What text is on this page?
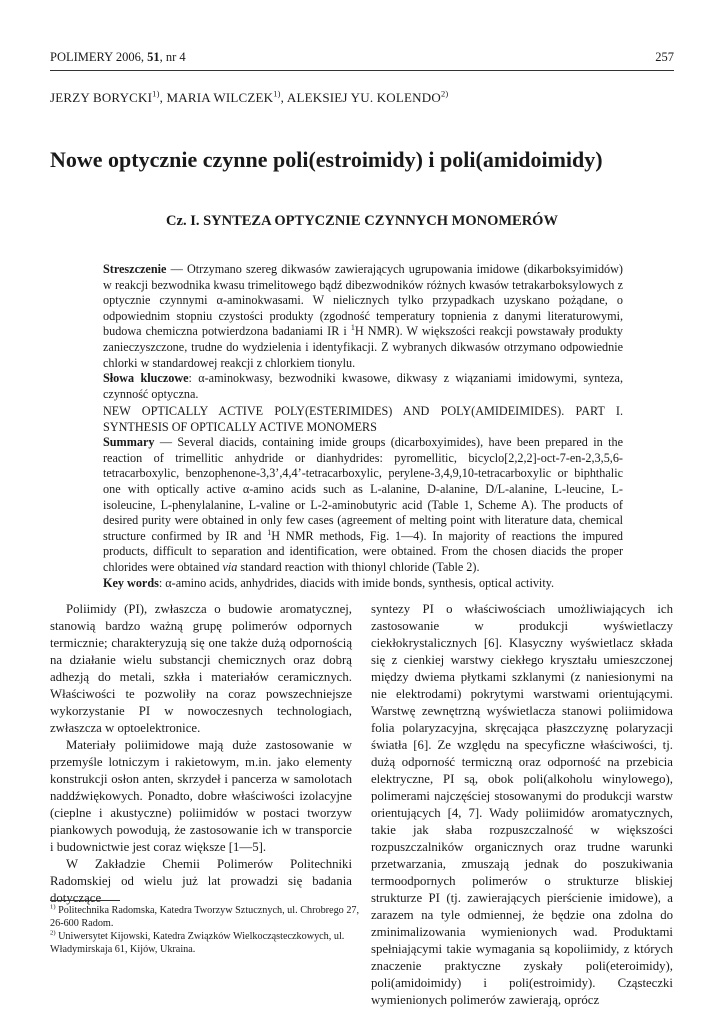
POLIMERY 2006, 51, nr 4	257
JERZY BORYCKI$^{1)}$, MARIA WILCZEK$^{1)}$, ALEKSIEJ YU. KOLENDO$^{2)}$
Nowe optycznie czynne poli(estroimidy) i poli(amidoimidy)
Cz. I. SYNTEZA OPTYCZNIE CZYNNYCH MONOMERÓW

Streszczenie — Otrzymano szereg dikwasów zawierających ugrupowania imidowe (dikarboksyimidów) w reakcji bezwodnika kwasu trimelitowego bądź dibezwodników różnych kwasów tetrakarboksylowych z optycznie czynnymi α-aminokwasami. W nielicznych tylko przypadkach uzyskano pożądane, o odpowiednim stopniu czystości produkty (zgodność temperatury topnienia z danymi literaturowymi, budowa chemiczna potwierdzona badaniami IR i $^1$H NMR). W większości reakcji powstawały produkty zanieczyszczone, trudne do wydzielenia i identyfikacji. Z wybranych dikwasów otrzymano odpowiednie chlorki w standardowej reakcji z chlorkiem tionylu.

Słowa kluczowe: α-aminokwasy, bezwodniki kwasowe, dikwasy z wiązaniami imidowymi, synteza, czynność optyczna.

NEW OPTICALLY ACTIVE POLY(ESTERIMIDES) AND POLY(AMIDEIMIDES). PART I. SYNTHESIS OF OPTICALLY ACTIVE MONOMERS

Summary — Several diacids, containing imide groups (dicarboxyimides), have been prepared in the reaction of trimellitic anhydride or dianhydrides: pyromellitic, bicyclo[2,2,2]-oct-7-en-2,3,5,6-tetracarboxylic, benzophenone-3,3’,4,4’-tetracarboxylic, perylene-3,4,9,10-tetracarboxylic or biphthalic one with optically active α-amino acids such as L-alanine, D-alanine, D/L-alanine, L-leucine, L-isoleucine, L-phenylalanine, L-valine or L-2-aminobutyric acid (Table 1, Scheme A). The products of desired purity were obtained in only few cases (agreement of melting point with literature data, chemical structure confirmed by IR and $^1$H NMR methods, Fig. 1—4). In majority of reactions the impured products, difficult to separation and identification, were obtained. From the chosen diacids the proper chlorides were obtained via standard reaction with thionyl chloride (Table 2).

Key words: α-amino acids, anhydrides, diacids with imide bonds, synthesis, optical activity.

Poliimidy (PI), zwłaszcza o budowie aromatycznej, stanowią bardzo ważną grupę polimerów odpornych termicznie; charakteryzują się one także dużą odpornością na działanie wielu substancji chemicznych oraz dobrą adhezją do metali, szkła i materiałów ceramicznych. Właściwości te pozwoliły na coraz powszechniejsze wykorzystanie PI w nowoczesnych technologiach, zwłaszcza w optoelektronice.

Materiały poliimidowe mają duże zastosowanie w przemyśle lotniczym i rakietowym, m.in. jako elementy konstrukcji osłon anten, skrzydeł i pancerza w samolotach naddźwiękowych. Ponadto, dobre właściwości izolacyjne (cieplne i akustyczne) poliimidów w postaci tworzyw piankowych powodują, że zastosowanie ich w transporcie i budownictwie jest coraz większe [1—5].

W Zakładzie Chemii Polimerów Politechniki Radomskiej od wielu już lat prowadzi się badania dotyczące

syntezy PI o właściwościach umożliwiających ich zastosowanie w produkcji wyświetlaczy ciekłokrystalicznych [6]. Klasyczny wyświetlacz składa się z cienkiej warstwy ciekłego kryształu umieszczonej między dwiema płytkami szklanymi (z naniesionymi na nie elektrodami) pokrytymi warstwami orientującymi. Warstwę zewnętrzną wyświetlacza stanowi poliimidowa folia polaryzacyjna, skręcająca płaszczyznę polaryzacji światła [6]. Ze względu na specyficzne właściwości, tj. dużą odporność termiczną oraz odporność na przebicia elektryczne, PI są, obok poli(alkoholu winylowego), polimerami najczęściej stosowanymi do produkcji warstw orientujących [4, 7]. Wady poliimidów aromatycznych, takie jak słaba rozpuszczalność w większości rozpuszczalników organicznych oraz trudne warunki przetwarzania, zmuszają jednak do poszukiwania termoodpornych polimerów o strukturze bliskiej strukturze PI (tj. zawierających pierścienie imidowe), a zarazem na tyle odmiennej, że będzie ona zdolna do zminimalizowania wymienionych wad. Produktami spełniającymi takie wymagania są kopoliimidy, z których znaczenie praktyczne zyskały poli(eteroimidy), poli(amidoimidy) i poli(estroimidy). Cząsteczki wymienionych polimerów zawierają, oprócz

$^{1)}$ Politechnika Radomska, Katedra Tworzyw Sztucznych, ul. Chrobrego 27, 26-600 Radom.

$^{2)}$ Uniwersytet Kijowski, Katedra Związków Wielkocząsteczkowych, ul. Władymirskaja 61, Kijów, Ukraina.
